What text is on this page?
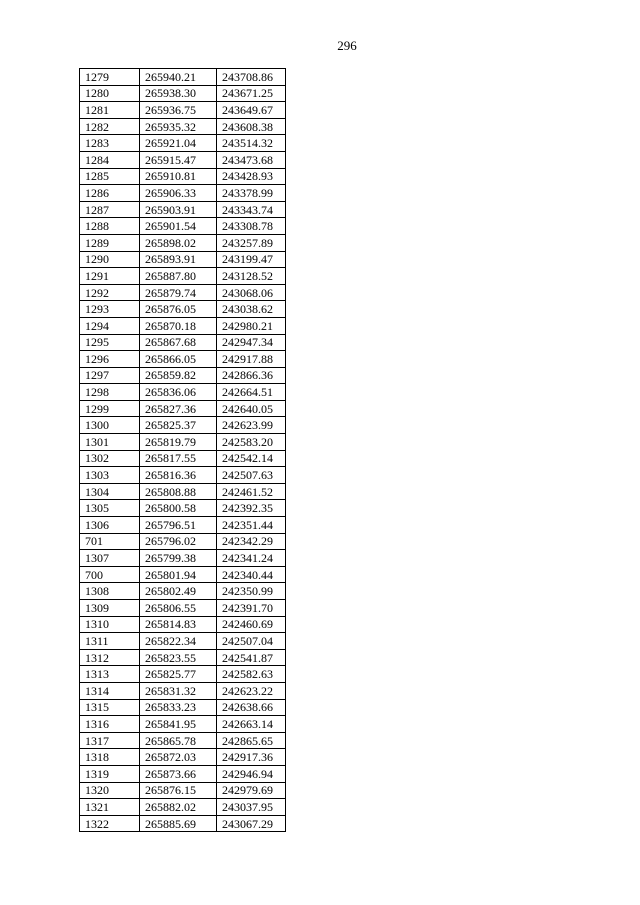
296
1279	265940.21	243708.86
1280	265938.30	243671.25
1281	265936.75	243649.67
1282	265935.32	243608.38
1283	265921.04	243514.32
1284	265915.47	243473.68
1285	265910.81	243428.93
1286	265906.33	243378.99
1287	265903.91	243343.74
1288	265901.54	243308.78
1289	265898.02	243257.89
1290	265893.91	243199.47
1291	265887.80	243128.52
1292	265879.74	243068.06
1293	265876.05	243038.62
1294	265870.18	242980.21
1295	265867.68	242947.34
1296	265866.05	242917.88
1297	265859.82	242866.36
1298	265836.06	242664.51
1299	265827.36	242640.05
1300	265825.37	242623.99
1301	265819.79	242583.20
1302	265817.55	242542.14
1303	265816.36	242507.63
1304	265808.88	242461.52
1305	265800.58	242392.35
1306	265796.51	242351.44
701	265796.02	242342.29
1307	265799.38	242341.24
700	265801.94	242340.44
1308	265802.49	242350.99
1309	265806.55	242391.70
1310	265814.83	242460.69
1311	265822.34	242507.04
1312	265823.55	242541.87
1313	265825.77	242582.63
1314	265831.32	242623.22
1315	265833.23	242638.66
1316	265841.95	242663.14
1317	265865.78	242865.65
1318	265872.03	242917.36
1319	265873.66	242946.94
1320	265876.15	242979.69
1321	265882.02	243037.95
1322	265885.69	243067.29
